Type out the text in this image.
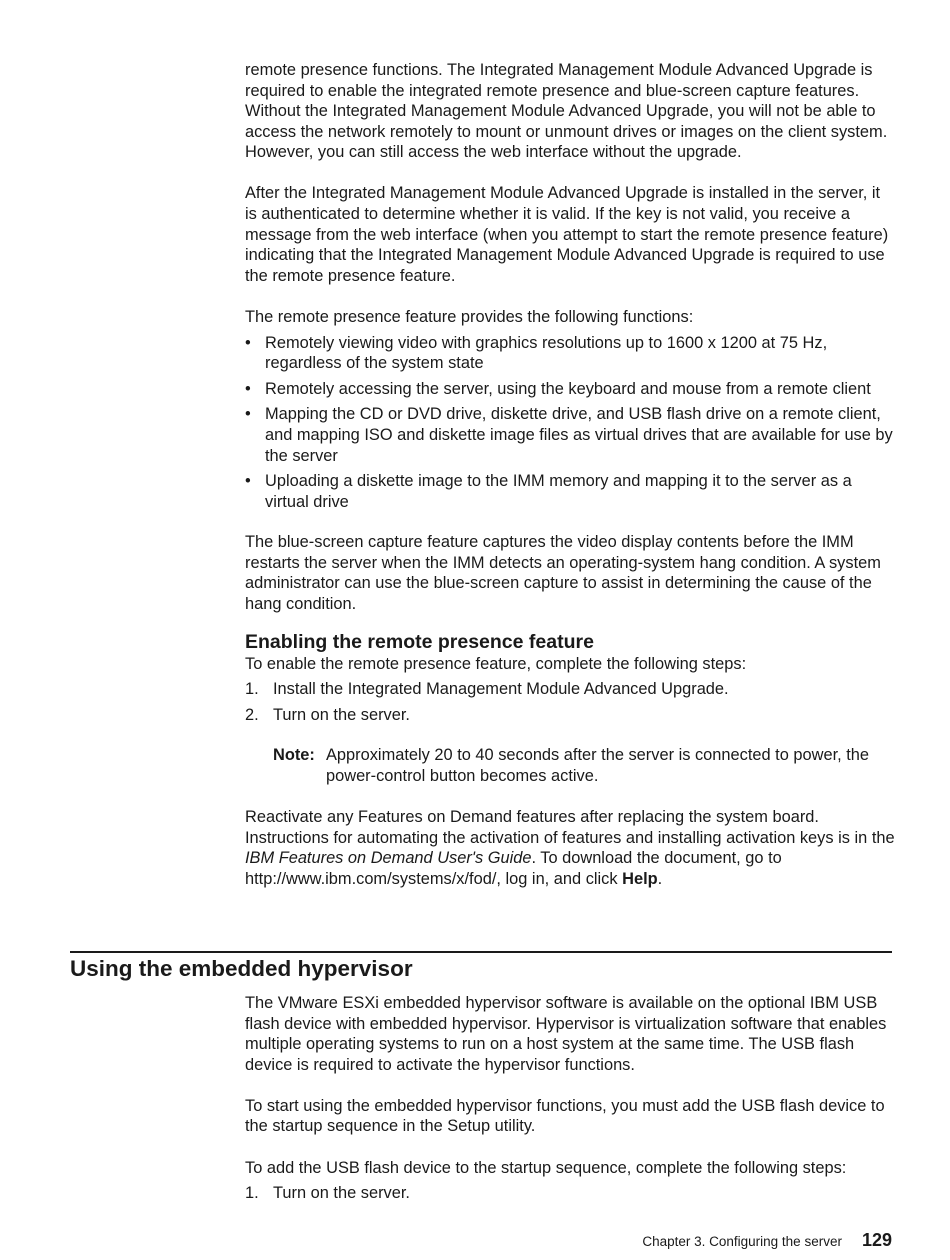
remote presence functions. The Integrated Management Module Advanced Upgrade is required to enable the integrated remote presence and blue-screen capture features. Without the Integrated Management Module Advanced Upgrade, you will not be able to access the network remotely to mount or unmount drives or images on the client system. However, you can still access the web interface without the upgrade.

After the Integrated Management Module Advanced Upgrade is installed in the server, it is authenticated to determine whether it is valid. If the key is not valid, you receive a message from the web interface (when you attempt to start the remote presence feature) indicating that the Integrated Management Module Advanced Upgrade is required to use the remote presence feature.

The remote presence feature provides the following functions:

• Remotely viewing video with graphics resolutions up to 1600 x 1200 at 75 Hz, regardless of the system state
• Remotely accessing the server, using the keyboard and mouse from a remote client
• Mapping the CD or DVD drive, diskette drive, and USB flash drive on a remote client, and mapping ISO and diskette image files as virtual drives that are available for use by the server
• Uploading a diskette image to the IMM memory and mapping it to the server as a virtual drive

The blue-screen capture feature captures the video display contents before the IMM restarts the server when the IMM detects an operating-system hang condition. A system administrator can use the blue-screen capture to assist in determining the cause of the hang condition.

Enabling the remote presence feature

To enable the remote presence feature, complete the following steps:

1. Install the Integrated Management Module Advanced Upgrade.
2. Turn on the server.
Note: Approximately 20 to 40 seconds after the server is connected to power, the power-control button becomes active.

Reactivate any Features on Demand features after replacing the system board. Instructions for automating the activation of features and installing activation keys is in the IBM Features on Demand User's Guide. To download the document, go to http://www.ibm.com/systems/x/fod/, log in, and click Help.

Using the embedded hypervisor

The VMware ESXi embedded hypervisor software is available on the optional IBM USB flash device with embedded hypervisor. Hypervisor is virtualization software that enables multiple operating systems to run on a host system at the same time. The USB flash device is required to activate the hypervisor functions.

To start using the embedded hypervisor functions, you must add the USB flash device to the startup sequence in the Setup utility.

To add the USB flash device to the startup sequence, complete the following steps:

1. Turn on the server.
Chapter 3. Configuring the server 129
